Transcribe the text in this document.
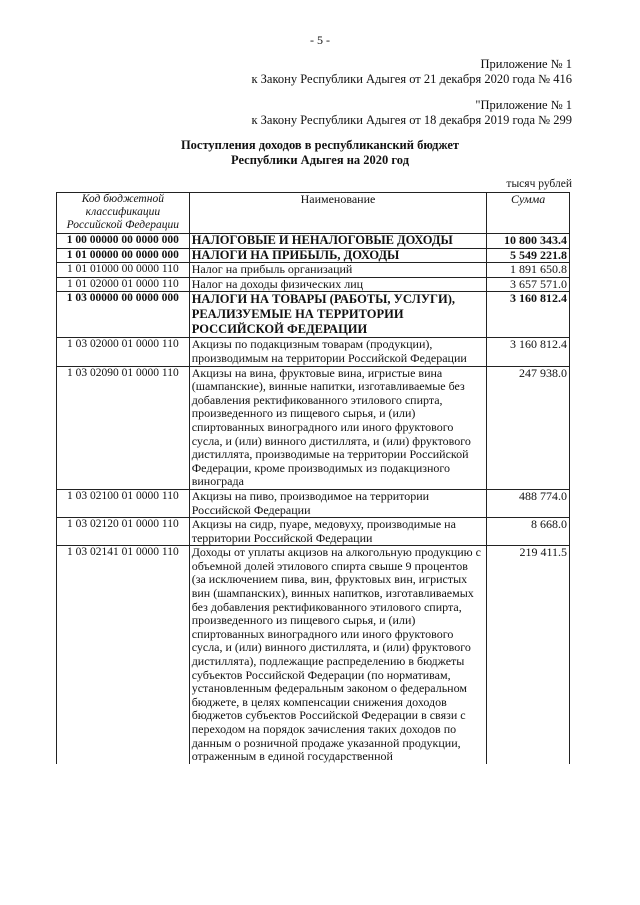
- 5 -
Приложение № 1
к Закону Республики Адыгея от 21 декабря 2020 года № 416
"Приложение № 1
к Закону Республики Адыгея от 18 декабря 2019 года № 299
Поступления доходов в республиканский бюджет
Республики Адыгея на 2020 год
тысяч рублей
Код бюджетной классификации Российской Федерации	Наименование	Сумма
1 00 00000 00 0000 000	НАЛОГОВЫЕ И НЕНАЛОГОВЫЕ ДОХОДЫ	10 800 343.4
1 01 00000 00 0000 000	НАЛОГИ НА ПРИБЫЛЬ, ДОХОДЫ	5 549 221.8
1 01 01000 00 0000 110	Налог на прибыль организаций	1 891 650.8
1 01 02000 01 0000 110	Налог на доходы физических лиц	3 657 571.0
1 03 00000 00 0000 000	НАЛОГИ НА ТОВАРЫ (РАБОТЫ, УСЛУГИ), РЕАЛИЗУЕМЫЕ НА ТЕРРИТОРИИ РОССИЙСКОЙ ФЕДЕРАЦИИ	3 160 812.4
1 03 02000 01 0000 110	Акцизы по подакцизным товарам (продукции), производимым на территории Российской Федерации	3 160 812.4
1 03 02090 01 0000 110	Акцизы на вина, фруктовые вина, игристые вина (шампанские), винные напитки, изготавливаемые без добавления ректификованного этилового спирта, произведенного из пищевого сырья, и (или) спиртованных виноградного или иного фруктового сусла, и (или) винного дистиллята, и (или) фруктового дистиллята, производимые на территории Российской Федерации, кроме производимых из подакцизного винограда	247 938.0
1 03 02100 01 0000 110	Акцизы на пиво, производимое на территории Российской Федерации	488 774.0
1 03 02120 01 0000 110	Акцизы на сидр, пуаре, медовуху, производимые на территории Российской Федерации	8 668.0
1 03 02141 01 0000 110	Доходы от уплаты акцизов на алкогольную продукцию с объемной долей этилового спирта свыше 9 процентов (за исключением пива, вин, фруктовых вин, игристых вин (шампанских), винных напитков, изготавливаемых без добавления ректификованного этилового спирта, произведенного из пищевого сырья, и (или) спиртованных виноградного или иного фруктового сусла, и (или) винного дистиллята, и (или) фруктового дистиллята), подлежащие распределению в бюджеты субъектов Российской Федерации (по нормативам, установленным федеральным законом о федеральном бюджете, в целях компенсации снижения доходов бюджетов субъектов Российской Федерации в связи с переходом на порядок зачисления таких доходов по данным о розничной продаже указанной продукции, отраженным в единой государственной	219 411.5
